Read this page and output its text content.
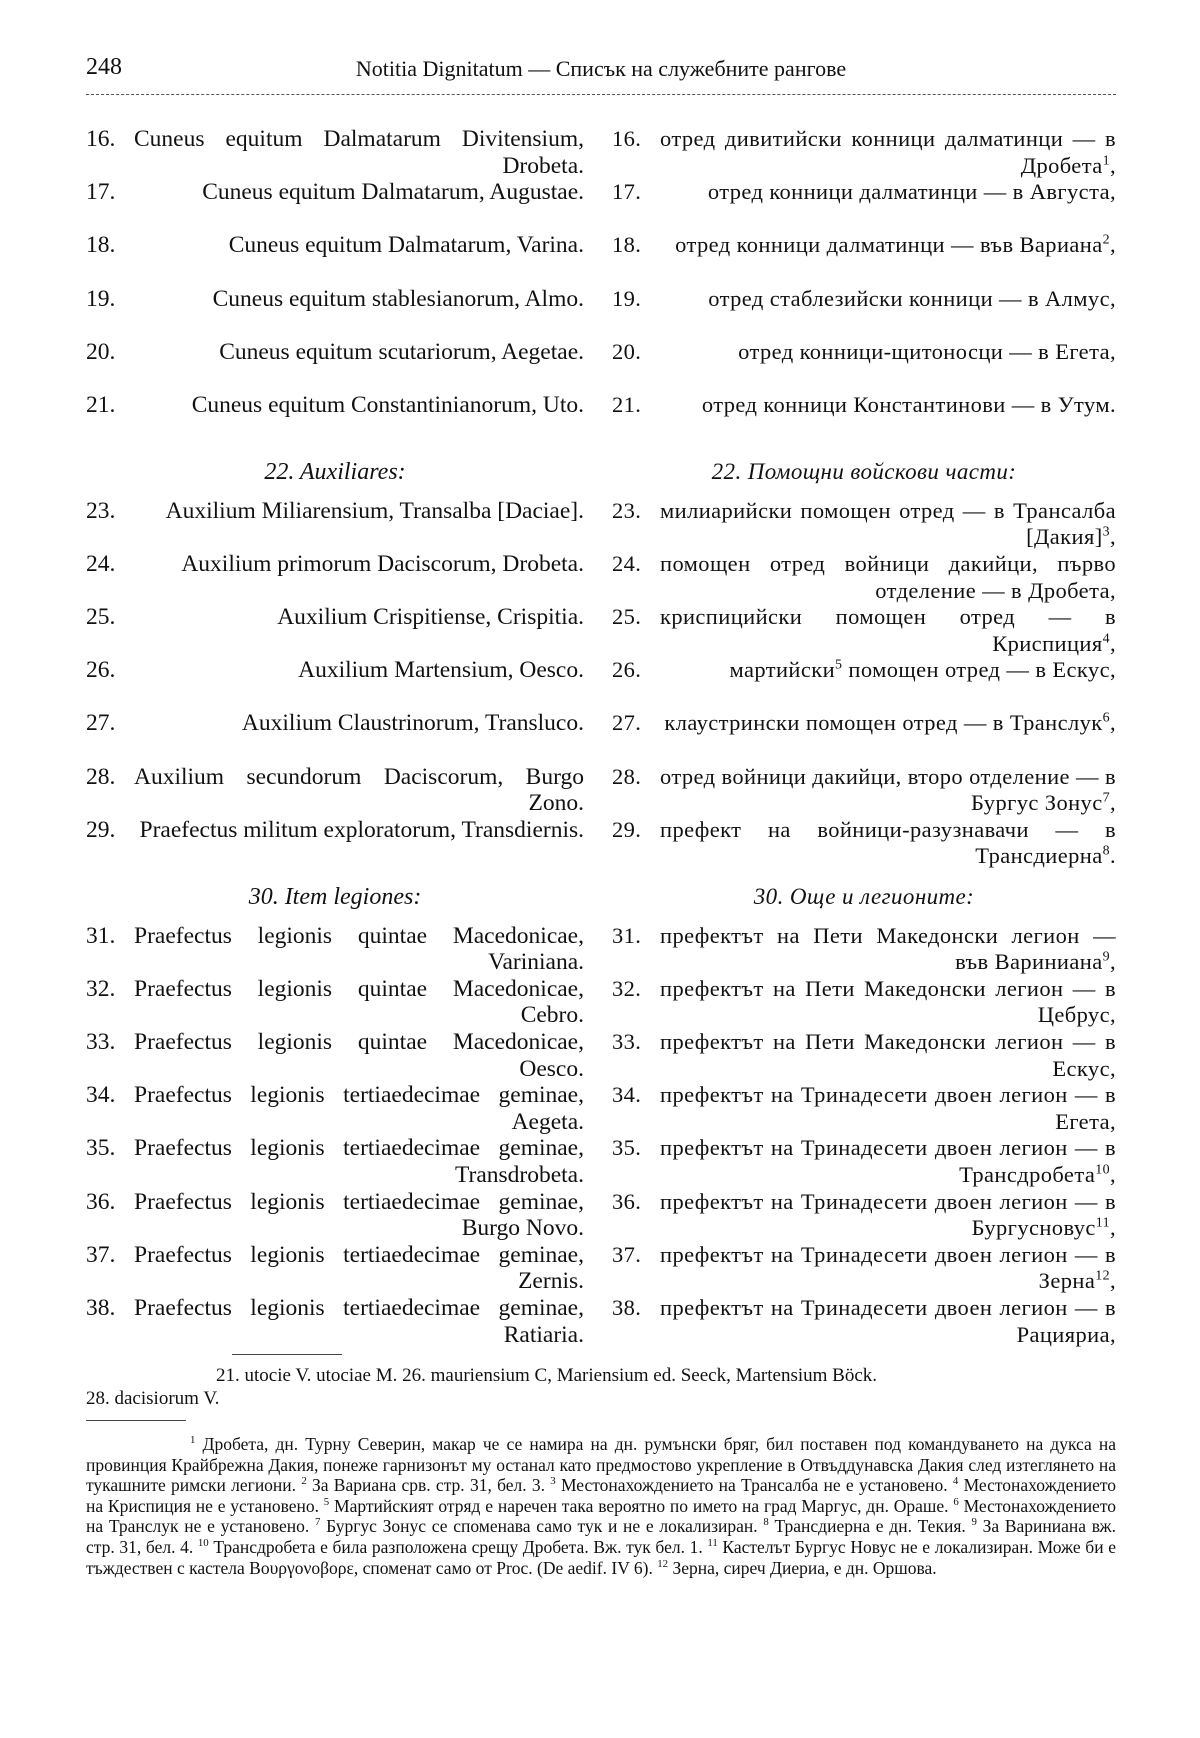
248	Notitia Dignitatum — Списък на служебните рангове

16. Cuneus equitum Dalmatarum Divitensium, Drobeta.

17.	Cuneus equitum Dalmatarum, Augustae.

18.	Cuneus equitum Dalmatarum, Varina.

19.	Cuneus equitum stablesianorum, Almo.

20.	Cuneus equitum scutariorum, Aegetae.

21.	Cuneus equitum Constantinianorum, Uto.

22. Auxiliares:

23.	Auxilium Miliarensium, Transalba [Daciae].

24.	Auxilium primorum Daciscorum, Drobeta.

25.	Auxilium Crispitiense, Crispitia.

26.	Auxilium Martensium, Oesco.

27.	Auxilium Claustrinorum, Transluco.

28. Auxilium secundorum Daciscorum, Burgo Zono.

29. Praefectus militum exploratorum, Transdiernis.

30. Item legiones:

31. Praefectus legionis quintae Macedonicae, Variniana.

32. Praefectus legionis quintae Macedonicae, Cebro.

33. Praefectus legionis quintae Macedonicae, Oesco.

34. Praefectus legionis tertiaedecimae geminae, Aegeta.

35. Praefectus legionis tertiaedecimae geminae, Transdrobeta.

36. Praefectus legionis tertiaedecimae geminae, Burgo Novo.

37. Praefectus legionis tertiaedecimae geminae, Zernis.

38. Praefectus legionis tertiaedecimae geminae, Ratiaria.

16. отред дивитийски конници далматинци — в Дробета$^1$,

17.	отред конници далматинци — в Августа,

18.	отред конници далматинци — във Вариана$^2$,

19.	отред стаблезийски конници — в Алмус,

20.	отред конници-щитоносци — в Егета,

21.	отред конници Константинови — в Утум.

22. Помощни войскови части:

23. милиарийски помощен отред — в Трансалба [Дакия]$^3$,

24. помощен отред войници дакийци, първо отделение — в Дробета,

25. криспицийски помощен отред — в Криспиция$^4$,

26.	мартийски$^5$ помощен отред — в Ескус,

27. клаустрински помощен отред — в Транслук$^6$,

28. отред войници дакийци, второ отделение — в Бургус Зонус$^7$,

29. префект на войници-разузнавачи — в Трансдиерна$^8$.

30. Още и легионите:

31. префектът на Пети Македонски легион — във Вариниана$^9$,

32. префектът на Пети Македонски легион — в Цебрус,

33. префектът на Пети Македонски легион — в Ескус,

34. префектът на Тринадесети двоен легион — в Егета,

35. префектът на Тринадесети двоен легион — в Трансдробета$^{10}$,

36. префектът на Тринадесети двоен легион — в Бургусновус$^{11}$,

37. префектът на Тринадесети двоен легион — в Зерна$^{12}$,

38. префектът на Тринадесети двоен легион — в Рацияриа,

21. utocie V. utociae M. 26. mauriensium C, Mariensium ed. Seeck, Martensium Böck.
28. dacisiorum V.
$^1$ Дробета, дн. Турну Северин, макар че се намира на дн. румънски бряг, бил поставен под командуването на дукса на провинция Крайбрежна Дакия, понеже гарнизонът му останал като предмостово укрепление в Отвъддунавска Дакия след изтеглянето на тукашните римски легиони. $^2$ За Вариана срв. стр. 31, бел. 3. $^3$ Местонахождението на Трансалба не е установено. $^4$ Местонахождението на Криспиция не е установено. $^5$ Мартийският отряд е наречен така вероятно по името на град Маргус, дн. Ораше. $^6$ Местонахождението на Транслук не е установено. $^7$ Бургус Зонус се споменава само тук и не е локализиран. $^8$ Трансдиерна е дн. Текия. $^9$ За Вариниана вж. стр. 31, бел. 4. $^{10}$ Трансдробета е била разположена срещу Дробета. Вж. тук бел. 1. $^{11}$ Кастелът Бургус Новус не е локализиран. Може би е тъждествен с кастела Βουργονοβορε, споменат само от Proc. (De aedif. IV 6). $^{12}$ Зерна, сиреч Диериа, е дн. Оршова.
